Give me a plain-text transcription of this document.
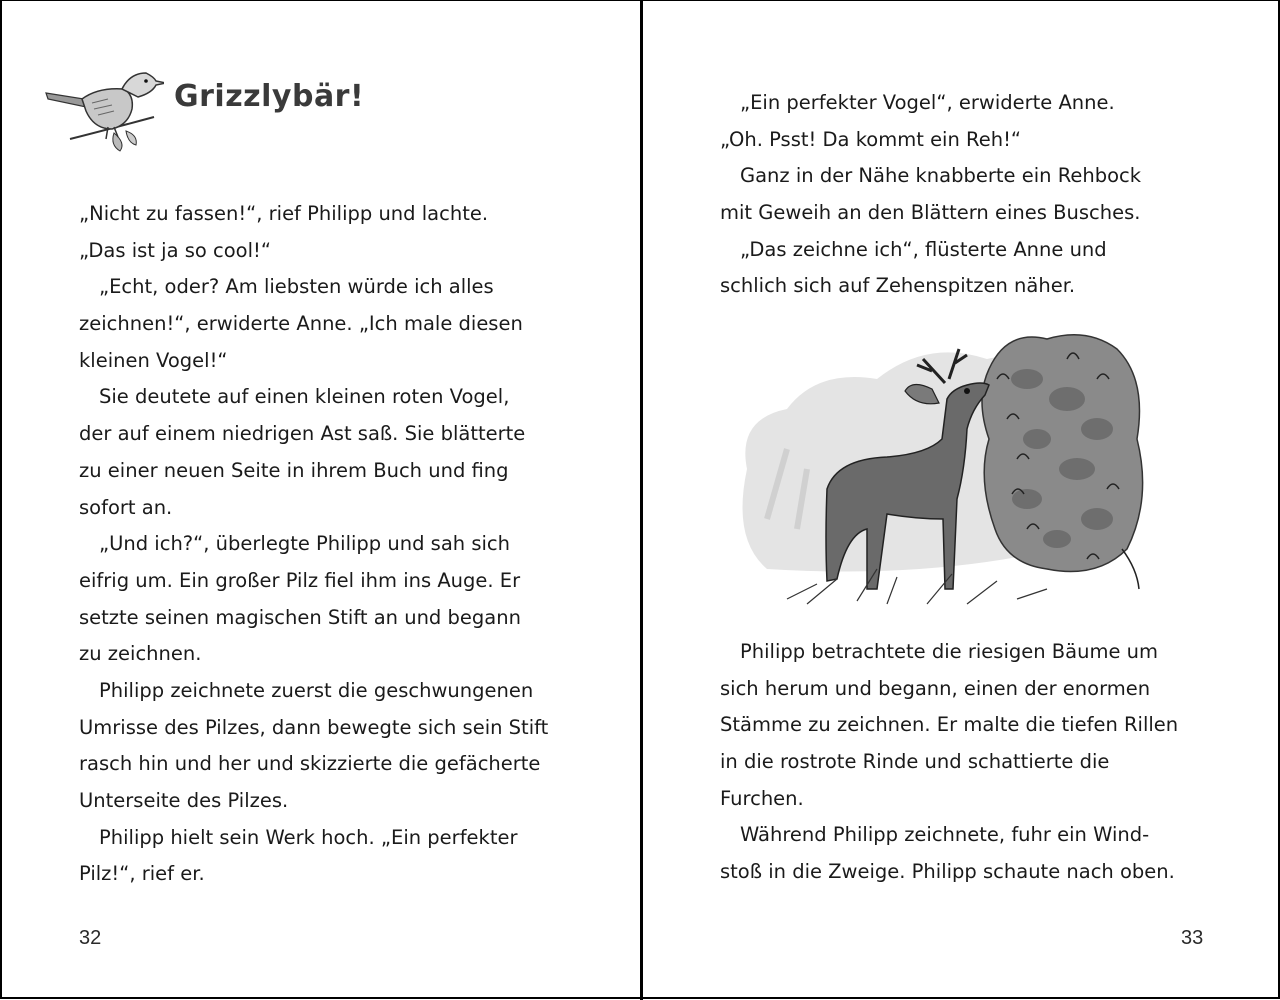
Grizzlybär!
„Nicht zu fassen!“, rief Philipp und lachte.
„Das ist ja so cool!“
„Echt, oder? Am liebsten würde ich alles
zeichnen!“, erwiderte Anne. „Ich male diesen
kleinen Vogel!“
Sie deutete auf einen kleinen roten Vogel,
der auf einem niedrigen Ast saß. Sie blätterte
zu einer neuen Seite in ihrem Buch und fing
sofort an.
„Und ich?“, überlegte Philipp und sah sich
eifrig um. Ein großer Pilz fiel ihm ins Auge. Er
setzte seinen magischen Stift an und begann
zu zeichnen.
Philipp zeichnete zuerst die geschwungenen
Umrisse des Pilzes, dann bewegte sich sein Stift
rasch hin und her und skizzierte die gefächerte
Unterseite des Pilzes.
Philipp hielt sein Werk hoch. „Ein perfekter
Pilz!“, rief er.
32
„Ein perfekter Vogel“, erwiderte Anne.
„Oh. Psst! Da kommt ein Reh!“
Ganz in der Nähe knabberte ein Rehbock
mit Geweih an den Blättern eines Busches.
„Das zeichne ich“, flüsterte Anne und
schlich sich auf Zehenspitzen näher.
Philipp betrachtete die riesigen Bäume um
sich herum und begann, einen der enormen
Stämme zu zeichnen. Er malte die tiefen Rillen
in die rostrote Rinde und schattierte die
Furchen.
Während Philipp zeichnete, fuhr ein Wind-
stoß in die Zweige. Philipp schaute nach oben.
33
